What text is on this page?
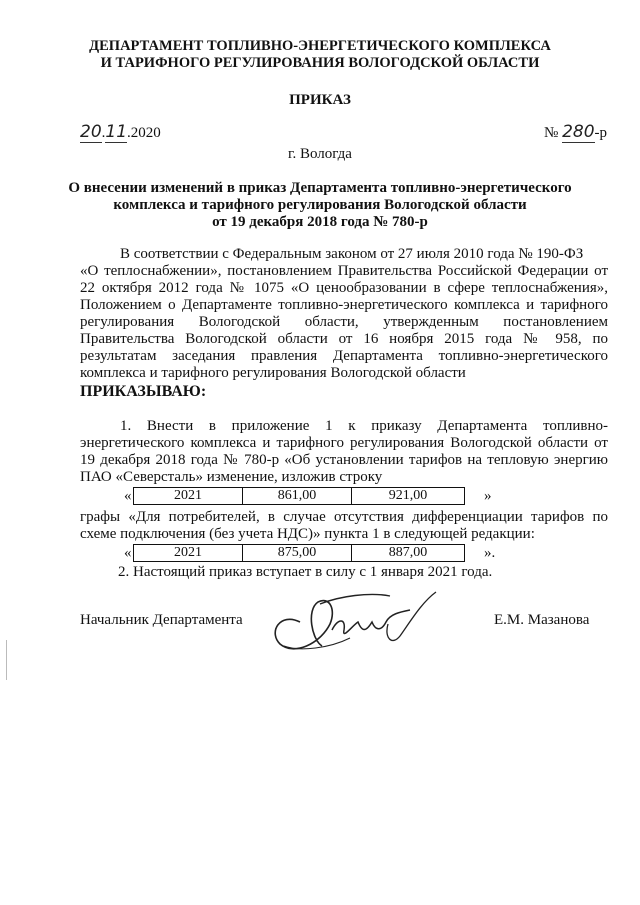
ДЕПАРТАМЕНТ ТОПЛИВНО-ЭНЕРГЕТИЧЕСКОГО КОМПЛЕКСА
И ТАРИФНОГО РЕГУЛИРОВАНИЯ ВОЛОГОДСКОЙ ОБЛАСТИ
ПРИКАЗ
20.11.2020	№ 280-р
г. Вологда
О внесении изменений в приказ Департамента топливно-энергетического
комплекса и тарифного регулирования Вологодской области
от 19 декабря 2018 года № 780-р
В соответствии с Федеральным законом от 27 июля 2010 года № 190-ФЗ
«О теплоснабжении», постановлением Правительства Российской Федерации от
22 октября 2012 года № 1075 «О ценообразовании в сфере теплоснабжения»,
Положением о Департаменте топливно-энергетического комплекса и тарифного
регулирования Вологодской области, утвержденным постановлением
Правительства Вологодской области от 16 ноября 2015 года № 958, по
результатам заседания правления Департамента топливно-энергетического
комплекса и тарифного регулирования Вологодской области
ПРИКАЗЫВАЮ:
1. Внести в приложение 1 к приказу Департамента топливно-
энергетического комплекса и тарифного регулирования Вологодской области от
19 декабря 2018 года № 780-р «Об установлении тарифов на тепловую энергию
ПАО «Северсталь» изменение, изложив строку
«	2021	861,00	921,00	»
графы «Для потребителей, в случае отсутствия дифференциации тарифов по
схеме подключения (без учета НДС)» пункта 1 в следующей редакции:
«	2021	875,00	887,00	».
2. Настоящий приказ вступает в силу с 1 января 2021 года.
Начальник Департамента	Е.М. Мазанова
